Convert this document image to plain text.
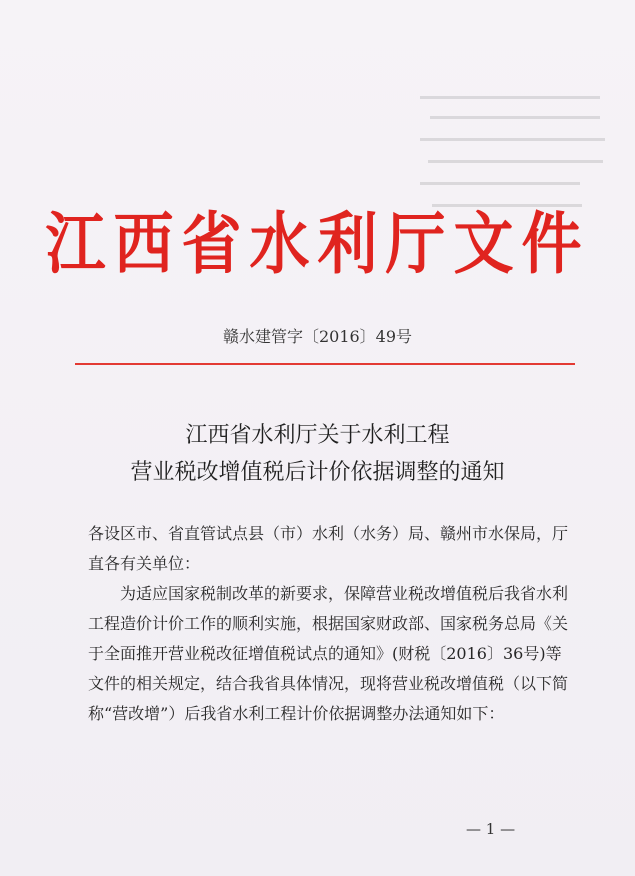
江西省水利厅文件
赣水建管字〔2016〕49号
江西省水利厅关于水利工程
营业税改增值税后计价依据调整的通知

各设区市、省直管试点县（市）水利（水务）局、赣州市水保局，厅直各有关单位：

为适应国家税制改革的新要求，保障营业税改增值税后我省水利工程造价计价工作的顺利实施，根据国家财政部、国家税务总局《关于全面推开营业税改征增值税试点的通知》(财税〔2016〕36号)等文件的相关规定，结合我省具体情况，现将营业税改增值税（以下简称“营改增”）后我省水利工程计价依据调整办法通知如下：

— 1 —
